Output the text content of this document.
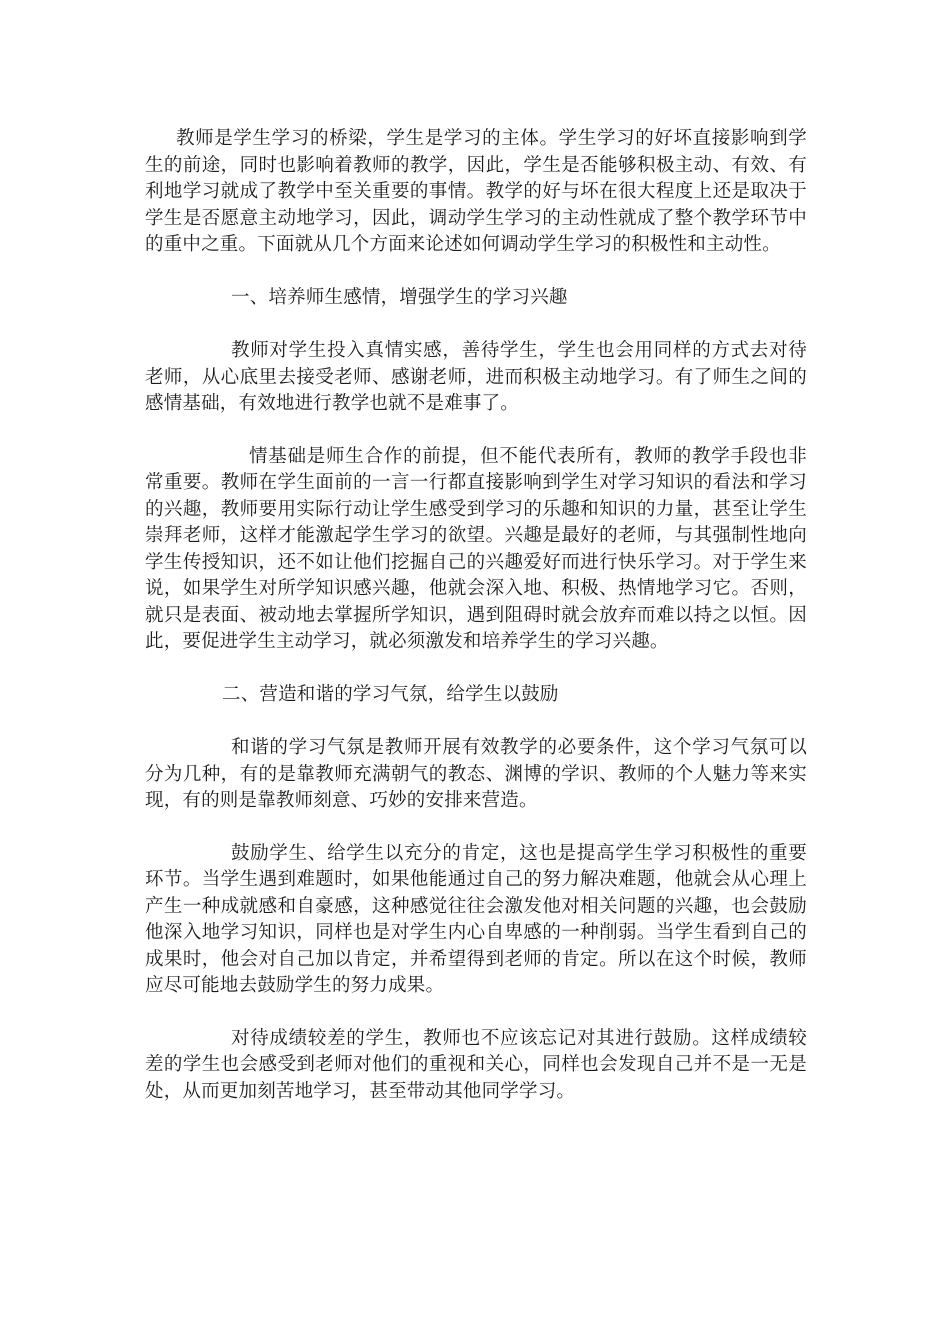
教师是学生学习的桥梁，学生是学习的主体。学生学习的好坏直接影响到学生的前途，同时也影响着教师的教学，因此，学生是否能够积极主动、有效、有利地学习就成了教学中至关重要的事情。教学的好与坏在很大程度上还是取决于学生是否愿意主动地学习，因此，调动学生学习的主动性就成了整个教学环节中的重中之重。下面就从几个方面来论述如何调动学生学习的积极性和主动性。

一、培养师生感情，增强学生的学习兴趣

教师对学生投入真情实感，善待学生，学生也会用同样的方式去对待老师，从心底里去接受老师、感谢老师，进而积极主动地学习。有了师生之间的感情基础，有效地进行教学也就不是难事了。

情基础是师生合作的前提，但不能代表所有，教师的教学手段也非常重要。教师在学生面前的一言一行都直接影响到学生对学习知识的看法和学习的兴趣，教师要用实际行动让学生感受到学习的乐趣和知识的力量，甚至让学生崇拜老师，这样才能激起学生学习的欲望。兴趣是最好的老师，与其强制性地向学生传授知识，还不如让他们挖掘自己的兴趣爱好而进行快乐学习。对于学生来说，如果学生对所学知识感兴趣，他就会深入地、积极、热情地学习它。否则，就只是表面、被动地去掌握所学知识，遇到阻碍时就会放弃而难以持之以恒。因此，要促进学生主动学习，就必须激发和培养学生的学习兴趣。

二、营造和谐的学习气氛，给学生以鼓励

和谐的学习气氛是教师开展有效教学的必要条件，这个学习气氛可以分为几种，有的是靠教师充满朝气的教态、渊博的学识、教师的个人魅力等来实现，有的则是靠教师刻意、巧妙的安排来营造。

鼓励学生、给学生以充分的肯定，这也是提高学生学习积极性的重要环节。当学生遇到难题时，如果他能通过自己的努力解决难题，他就会从心理上产生一种成就感和自豪感，这种感觉往往会激发他对相关问题的兴趣，也会鼓励他深入地学习知识，同样也是对学生内心自卑感的一种削弱。当学生看到自己的成果时，他会对自己加以肯定，并希望得到老师的肯定。所以在这个时候，教师应尽可能地去鼓励学生的努力成果。

对待成绩较差的学生，教师也不应该忘记对其进行鼓励。这样成绩较差的学生也会感受到老师对他们的重视和关心，同样也会发现自己并不是一无是处，从而更加刻苦地学习，甚至带动其他同学学习。
